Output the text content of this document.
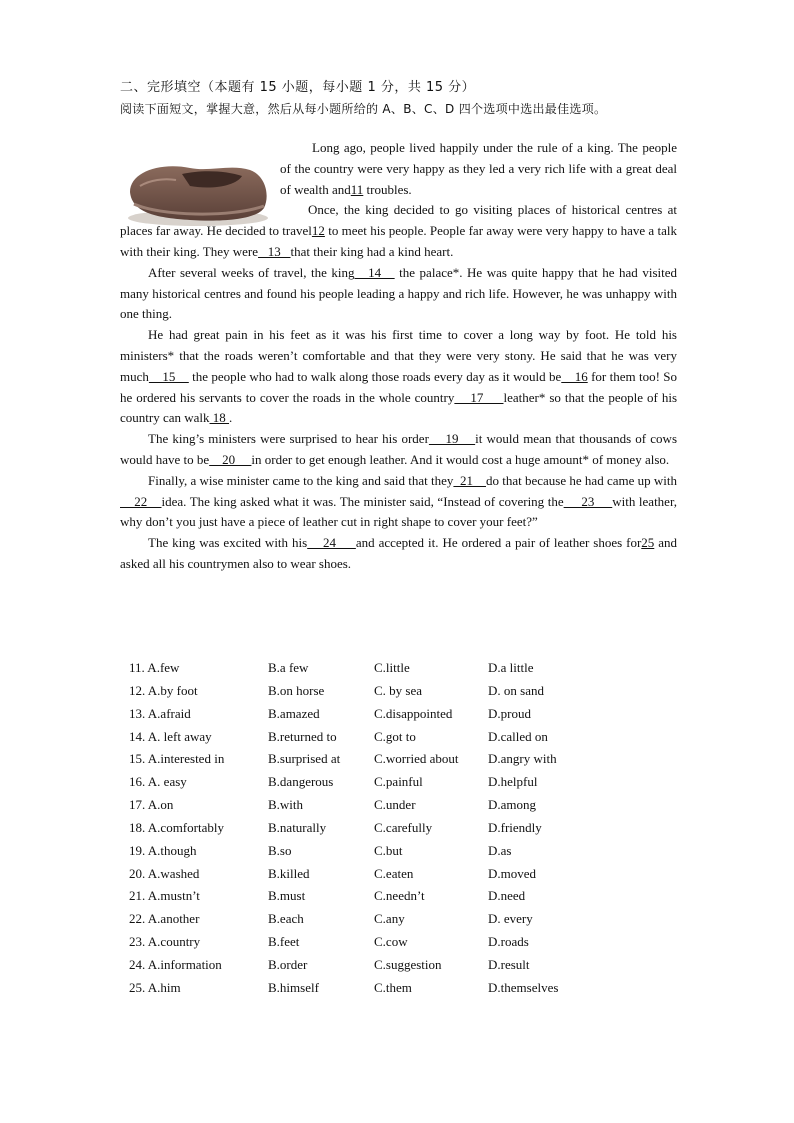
二、完形填空（本题有 15 小题，每小题 1 分，共 15 分）
阅读下面短文，掌握大意，然后从每小题所给的 A、B、C、D 四个选项中选出最佳选项。

Long ago, people lived happily under the rule of a king. The people of the country were very happy as they led a very rich life with a great deal of wealth and11 troubles.

Once, the king decided to go visiting places of historical centres at places far away. He decided to travel12 to meet his people. People far away were very happy to have a talk with their king. They were   13   that their king had a kind heart.

After several weeks of travel, the king   14    the palace*. He was quite happy that he had visited many historical centres and found his people leading a happy and rich life. However, he was unhappy with one thing.

He had great pain in his feet as it was his first time to cover a long way by foot. He told his ministers* that the roads weren’t comfortable and that they were very stony. He said that he was very much    15     the people who had to walk along those roads every day as it would be    16 for them too! So he ordered his servants to cover the roads in the whole country    17     leather* so that the people of his country can walk 18 .

The king’s ministers were surprised to hear his order    19    it would mean that thousands of cows would have to be    20     in order to get enough leather. And it would cost a huge amount* of money also.

Finally, a wise minister came to the king and said that they  21    do that because he had came up with    22    idea. The king asked what it was. The minister said, “Instead of covering the     23     with leather, why don’t you just have a piece of leather cut in right shape to cover your feet?”

The king was excited with his    24     and accepted it. He ordered a pair of leather shoes for25 and asked all his countrymen also to wear shoes.

11. A.few	B.a few	C.little	D.a little
12. A.by foot	B.on horse	C. by sea	D. on sand
13. A.afraid	B.amazed	C.disappointed	D.proud
14. A. left away	B.returned to	C.got to	D.called on
15. A.interested in	B.surprised at	C.worried about D.angry with
16. A. easy	B.dangerous	C.painful	D.helpful
17. A.on	B.with	C.under	D.among
18. A.comfortably	B.naturally	C.carefully	D.friendly
19. A.though	B.so	C.but	D.as
20. A.washed	B.killed	C.eaten	D.moved
21. A.mustn’t	B.must	C.needn’t	D.need
22. A.another	B.each	C.any	D. every
23. A.country	B.feet	C.cow	D.roads
24. A.information	B.order	C.suggestion	D.result
25. A.him	B.himself	C.them	D.themselves
